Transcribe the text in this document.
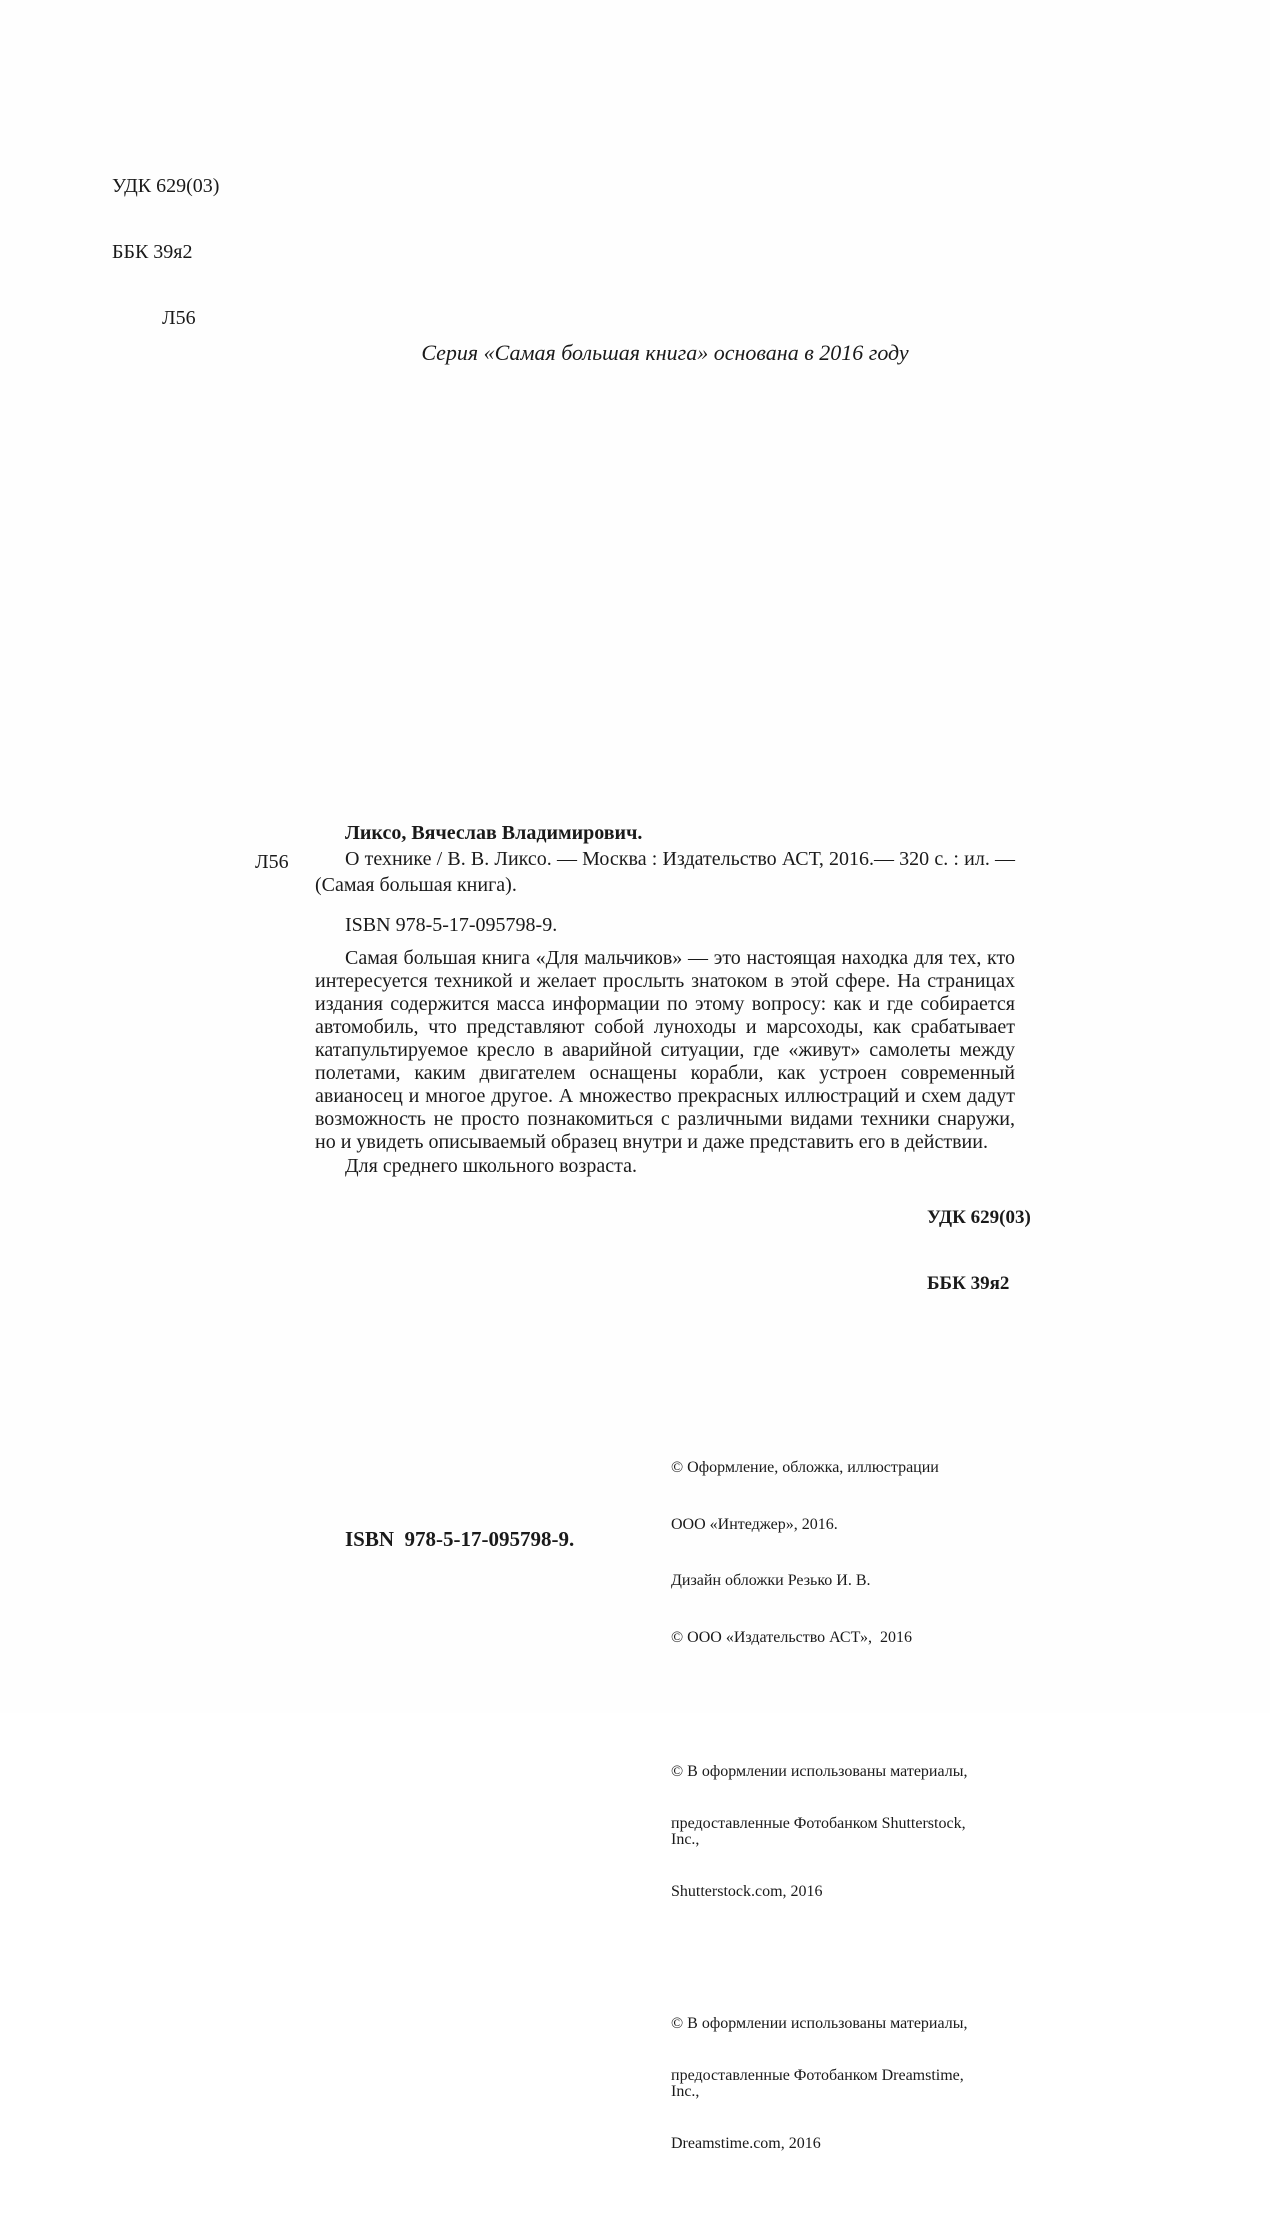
УДК 629(03)

ББК 39я2

Л56

Серия «Самая большая книга» основана в 2016 году

Ликсо, Вячеслав Владимирович.

Л56	О технике / В. В. Ликсо. — Москва : Издательство АСТ, 2016.— 320 с. : ил. — (Самая большая книга).

ISBN 978-5-17-095798-9.

Самая большая книга «Для мальчиков» — это настоящая находка для тех, кто интересуется техникой и желает прослыть знатоком в этой сфере. На страницах издания содержится масса информации по этому вопросу: как и где собирается автомобиль, что представляют собой луноходы и марсоходы, как срабатывает катапультируемое кресло в аварийной ситуации, где «живут» самолеты между полетами, каким двигателем оснащены корабли, как устроен современный авианосец и многое другое. А множество прекрасных иллюстраций и схем дадут возможность не просто познакомиться с различными видами техники снаружи, но и увидеть описываемый образец внутри и даже представить его в действии.

Для среднего школьного возраста.

УДК 629(03)

ББК 39я2

© Оформление, обложка, иллюстрации

ООО «Интеджер», 2016.

Дизайн обложки Резько И. В.

© ООО «Издательство АСТ»,  2016

© В оформлении использованы материалы,

предоставленные Фотобанком Shutterstock, Inc.,

Shutterstock.com, 2016

© В оформлении использованы материалы,

предоставленные Фотобанком Dreamstime, Inc.,

Dreamstime.com, 2016

ISBN  978-5-17-095798-9.
